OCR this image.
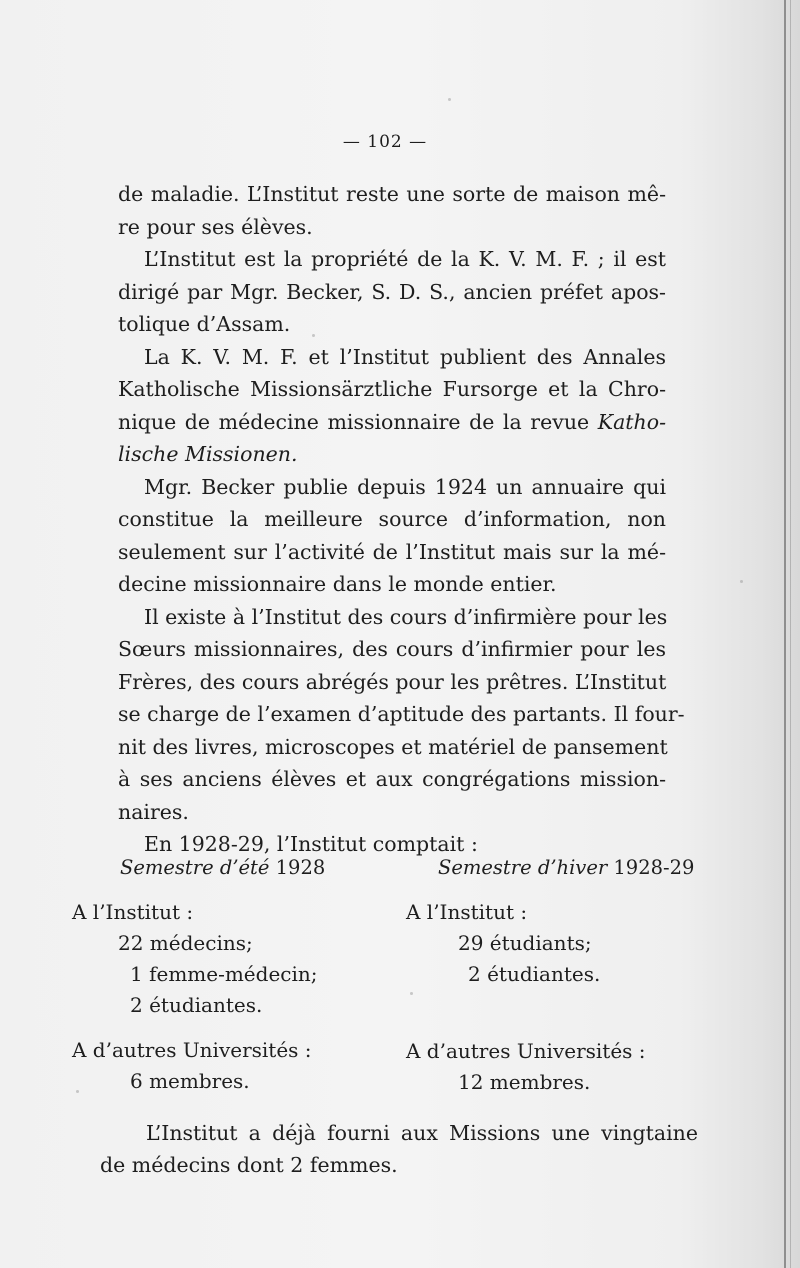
— 102 —
de maladie. L’Institut reste une sorte de maison mê-
re pour ses élèves.
L’Institut est la propriété de la K. V. M. F. ; il est
dirigé par Mgr. Becker, S. D. S., ancien préfet apos-
tolique d’Assam.
La K. V. M. F. et l’Institut publient des Annales
Katholische Missionsärztliche Fursorge et la Chro-
nique de médecine missionnaire de la revue Katho-
lische Missionen.
Mgr. Becker publie depuis 1924 un annuaire qui
constitue la meilleure source d’information, non
seulement sur l’activité de l’Institut mais sur la mé-
decine missionnaire dans le monde entier.
Il existe à l’Institut des cours d’infirmière pour les
Sœurs missionnaires, des cours d’infirmier pour les
Frères, des cours abrégés pour les prêtres. L’Institut
se charge de l’examen d’aptitude des partants. Il four-
nit des livres, microscopes et matériel de pansement
à ses anciens élèves et aux congrégations mission-
naires.
En 1928-29, l’Institut comptait :
Semestre d’été 1928
A l’Institut :
22 médecins;
1 femme-médecin;
2 étudiantes.
A d’autres Universités :
6 membres.
Semestre d’hiver 1928-29
A l’Institut :
29 étudiants;
2 étudiantes.
A d’autres Universités :
12 membres.
L’Institut a déjà fourni aux Missions une vingtaine
de médecins dont 2 femmes.
